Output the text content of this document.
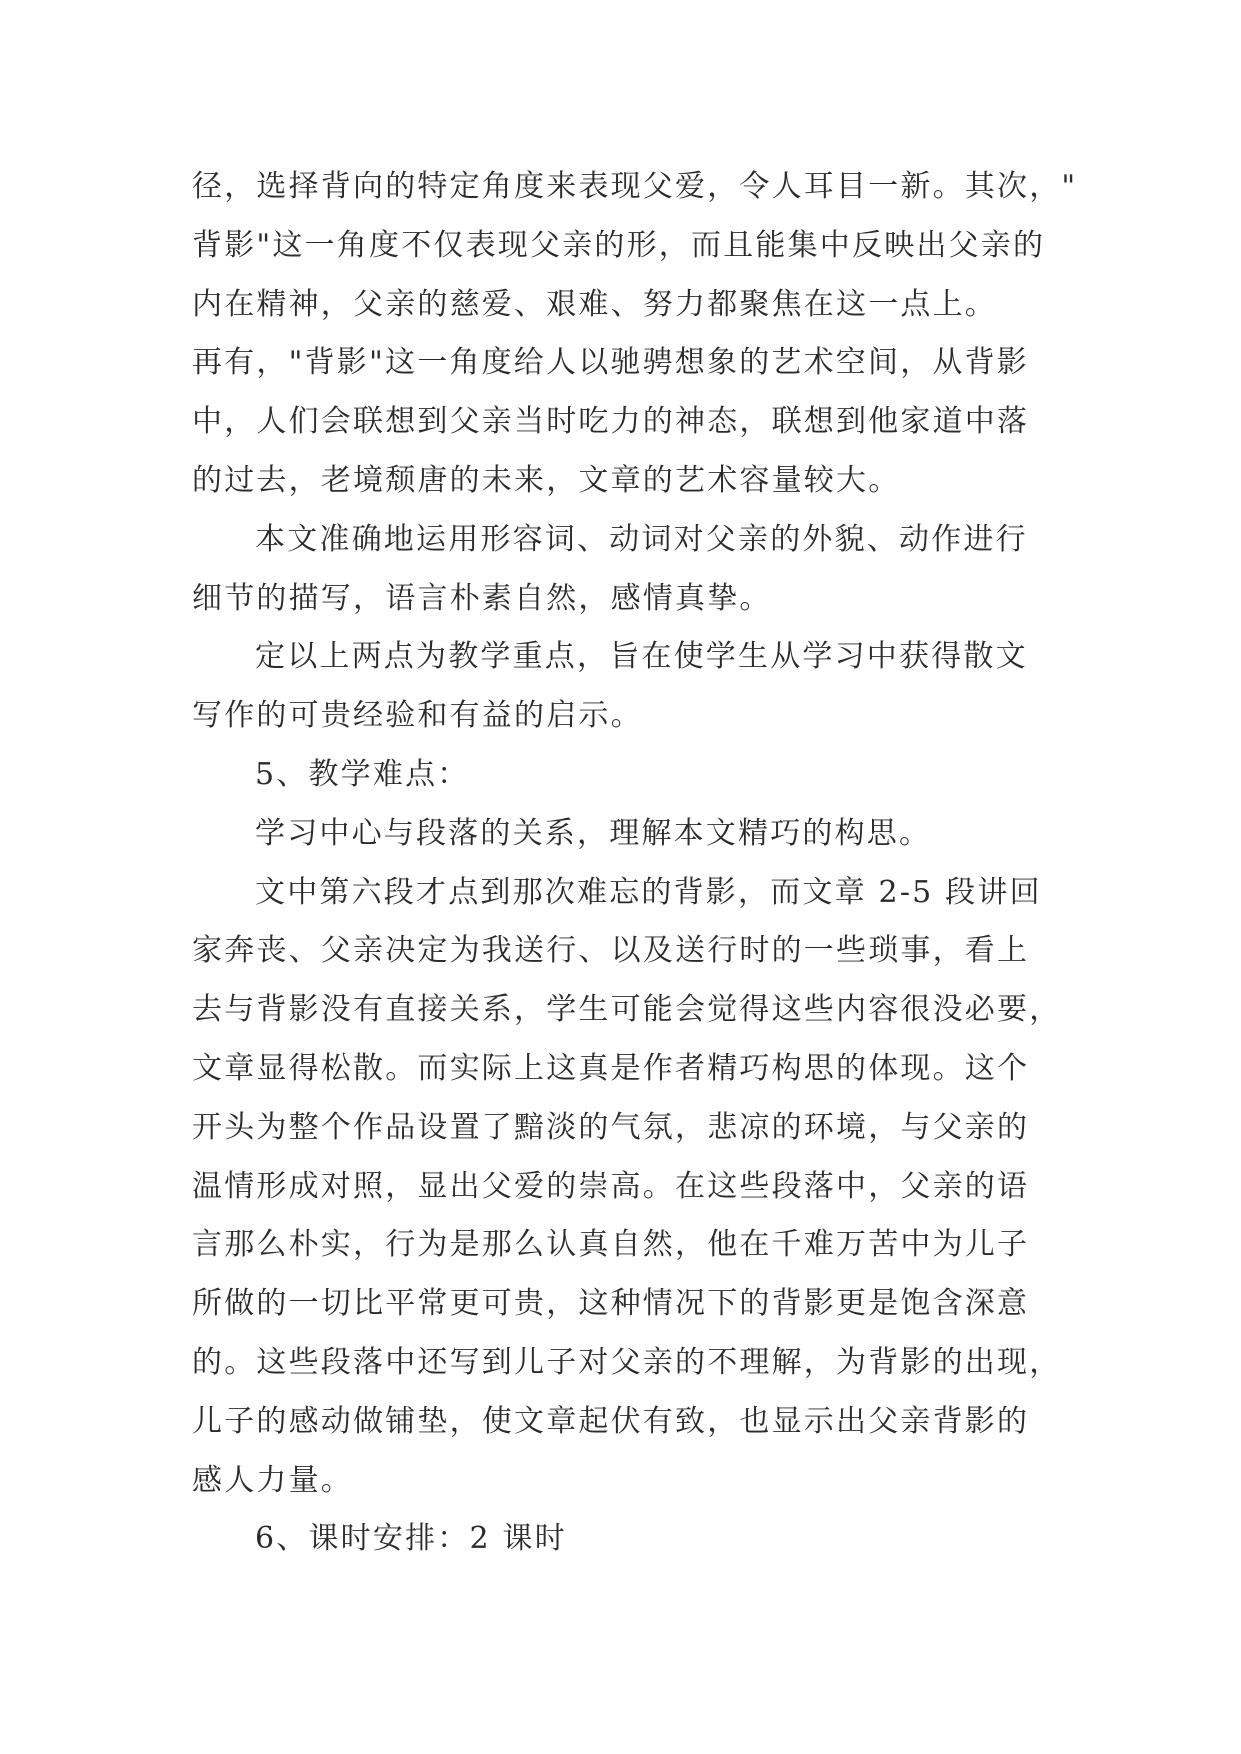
径，选择背向的特定角度来表现父爱，令人耳目一新。其次，"
背影"这一角度不仅表现父亲的形，而且能集中反映出父亲的
内在精神，父亲的慈爱、艰难、努力都聚焦在这一点上。
再有，"背影"这一角度给人以驰骋想象的艺术空间，从背影
中，人们会联想到父亲当时吃力的神态，联想到他家道中落
的过去，老境颓唐的未来，文章的艺术容量较大。
本文准确地运用形容词、动词对父亲的外貌、动作进行
细节的描写，语言朴素自然，感情真挚。
定以上两点为教学重点，旨在使学生从学习中获得散文
写作的可贵经验和有益的启示。
5、教学难点：
学习中心与段落的关系，理解本文精巧的构思。
文中第六段才点到那次难忘的背影，而文章 2-5 段讲回
家奔丧、父亲决定为我送行、以及送行时的一些琐事，看上
去与背影没有直接关系，学生可能会觉得这些内容很没必要，
文章显得松散。而实际上这真是作者精巧构思的体现。这个
开头为整个作品设置了黯淡的气氛，悲凉的环境，与父亲的
温情形成对照，显出父爱的崇高。在这些段落中，父亲的语
言那么朴实，行为是那么认真自然，他在千难万苦中为儿子
所做的一切比平常更可贵，这种情况下的背影更是饱含深意
的。这些段落中还写到儿子对父亲的不理解，为背影的出现，
儿子的感动做铺垫，使文章起伏有致，也显示出父亲背影的
感人力量。
6、课时安排：2 课时
